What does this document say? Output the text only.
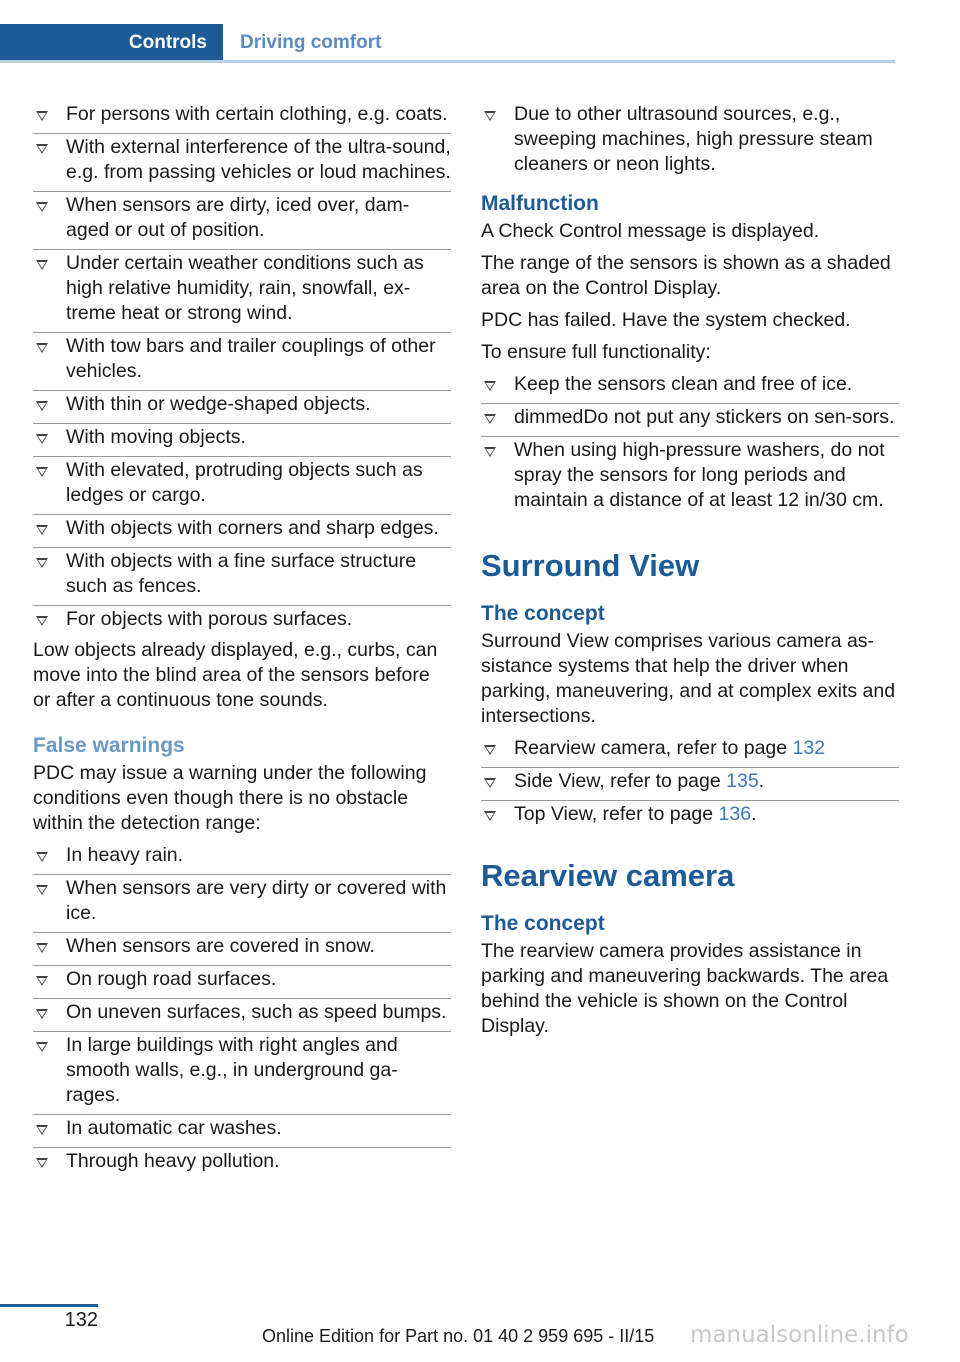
Controls	Driving comfort
For persons with certain clothing, e.g. coats.
With external interference of the ultra-sound, e.g. from passing vehicles or loud machines.
When sensors are dirty, iced over, dam-aged or out of position.
Under certain weather conditions such as high relative humidity, rain, snowfall, ex-treme heat or strong wind.
With tow bars and trailer couplings of other vehicles.
With thin or wedge-shaped objects.
With moving objects.
With elevated, protruding objects such as ledges or cargo.
With objects with corners and sharp edges.
With objects with a fine surface structure such as fences.
For objects with porous surfaces.

Low objects already displayed, e.g., curbs, can move into the blind area of the sensors before or after a continuous tone sounds.

False warnings

PDC may issue a warning under the following conditions even though there is no obstacle within the detection range:

In heavy rain.
When sensors are very dirty or covered with ice.
When sensors are covered in snow.
On rough road surfaces.
On uneven surfaces, such as speed bumps.
In large buildings with right angles and smooth walls, e.g., in underground ga-rages.
In automatic car washes.
Through heavy pollution.
Due to other ultrasound sources, e.g., sweeping machines, high pressure steam cleaners or neon lights.
Malfunction

A Check Control message is displayed.

The range of the sensors is shown as a shaded area on the Control Display.

PDC has failed. Have the system checked.

To ensure full functionality:

Keep the sensors clean and free of ice.
dimmedDo not put any stickers on sen-sors.
When using high-pressure washers, do not spray the sensors for long periods and maintain a distance of at least 12 in/30 cm.
Surround View
The concept

Surround View comprises various camera as-sistance systems that help the driver when parking, maneuvering, and at complex exits and intersections.

Rearview camera, refer to page 132
Side View, refer to page 135.
Top View, refer to page 136.
Rearview camera
The concept

The rearview camera provides assistance in parking and maneuvering backwards. The area behind the vehicle is shown on the Control Display.

132
Online Edition for Part no. 01 40 2 959 695 - II/15 manualsonline.info
